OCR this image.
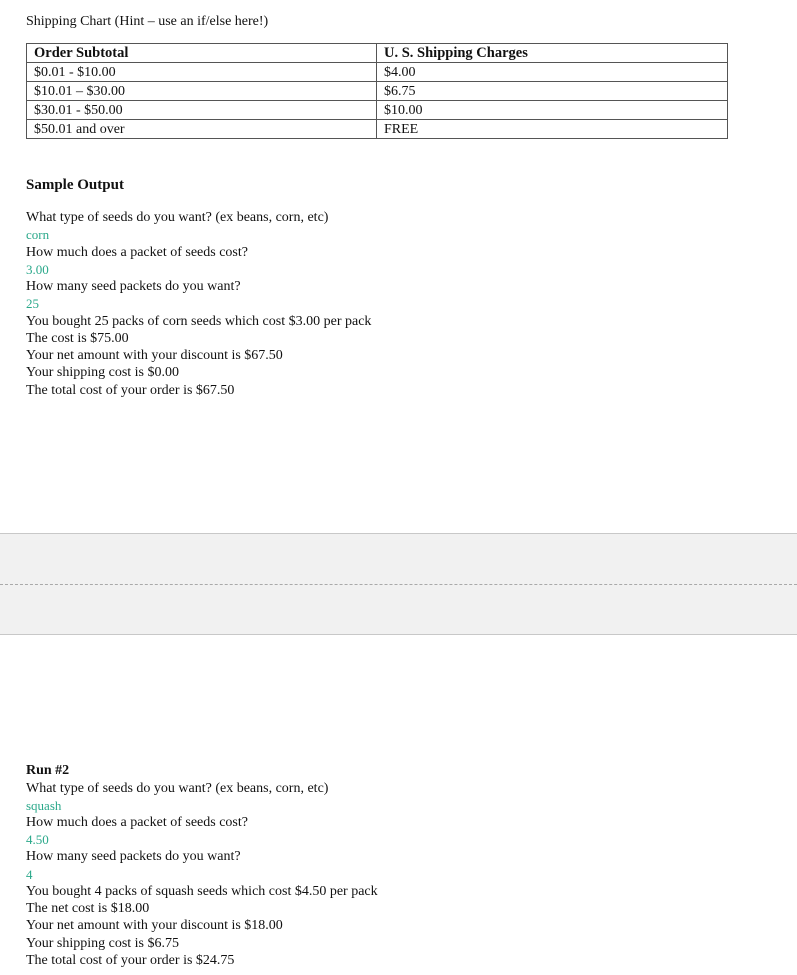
Shipping Chart (Hint – use an if/else here!)
Order Subtotal	U. S. Shipping Charges
$0.01 - $10.00	$4.00
$10.01 – $30.00	$6.75
$30.01 - $50.00	$10.00
$50.01 and over	FREE
Sample Output
What type of seeds do you want? (ex beans, corn, etc)
corn
How much does a packet of seeds cost?
3.00
How many seed packets do you want?
25
You bought 25 packs of corn seeds which cost $3.00 per pack
The cost is $75.00
Your net amount with your discount is $67.50
Your shipping cost is $0.00
The total cost of your order is $67.50
Run #2
What type of seeds do you want? (ex beans, corn, etc)
squash
How much does a packet of seeds cost?
4.50
How many seed packets do you want?
4
You bought 4 packs of squash seeds which cost $4.50 per pack
The net cost is $18.00
Your net amount with your discount is $18.00
Your shipping cost is $6.75
The total cost of your order is $24.75
